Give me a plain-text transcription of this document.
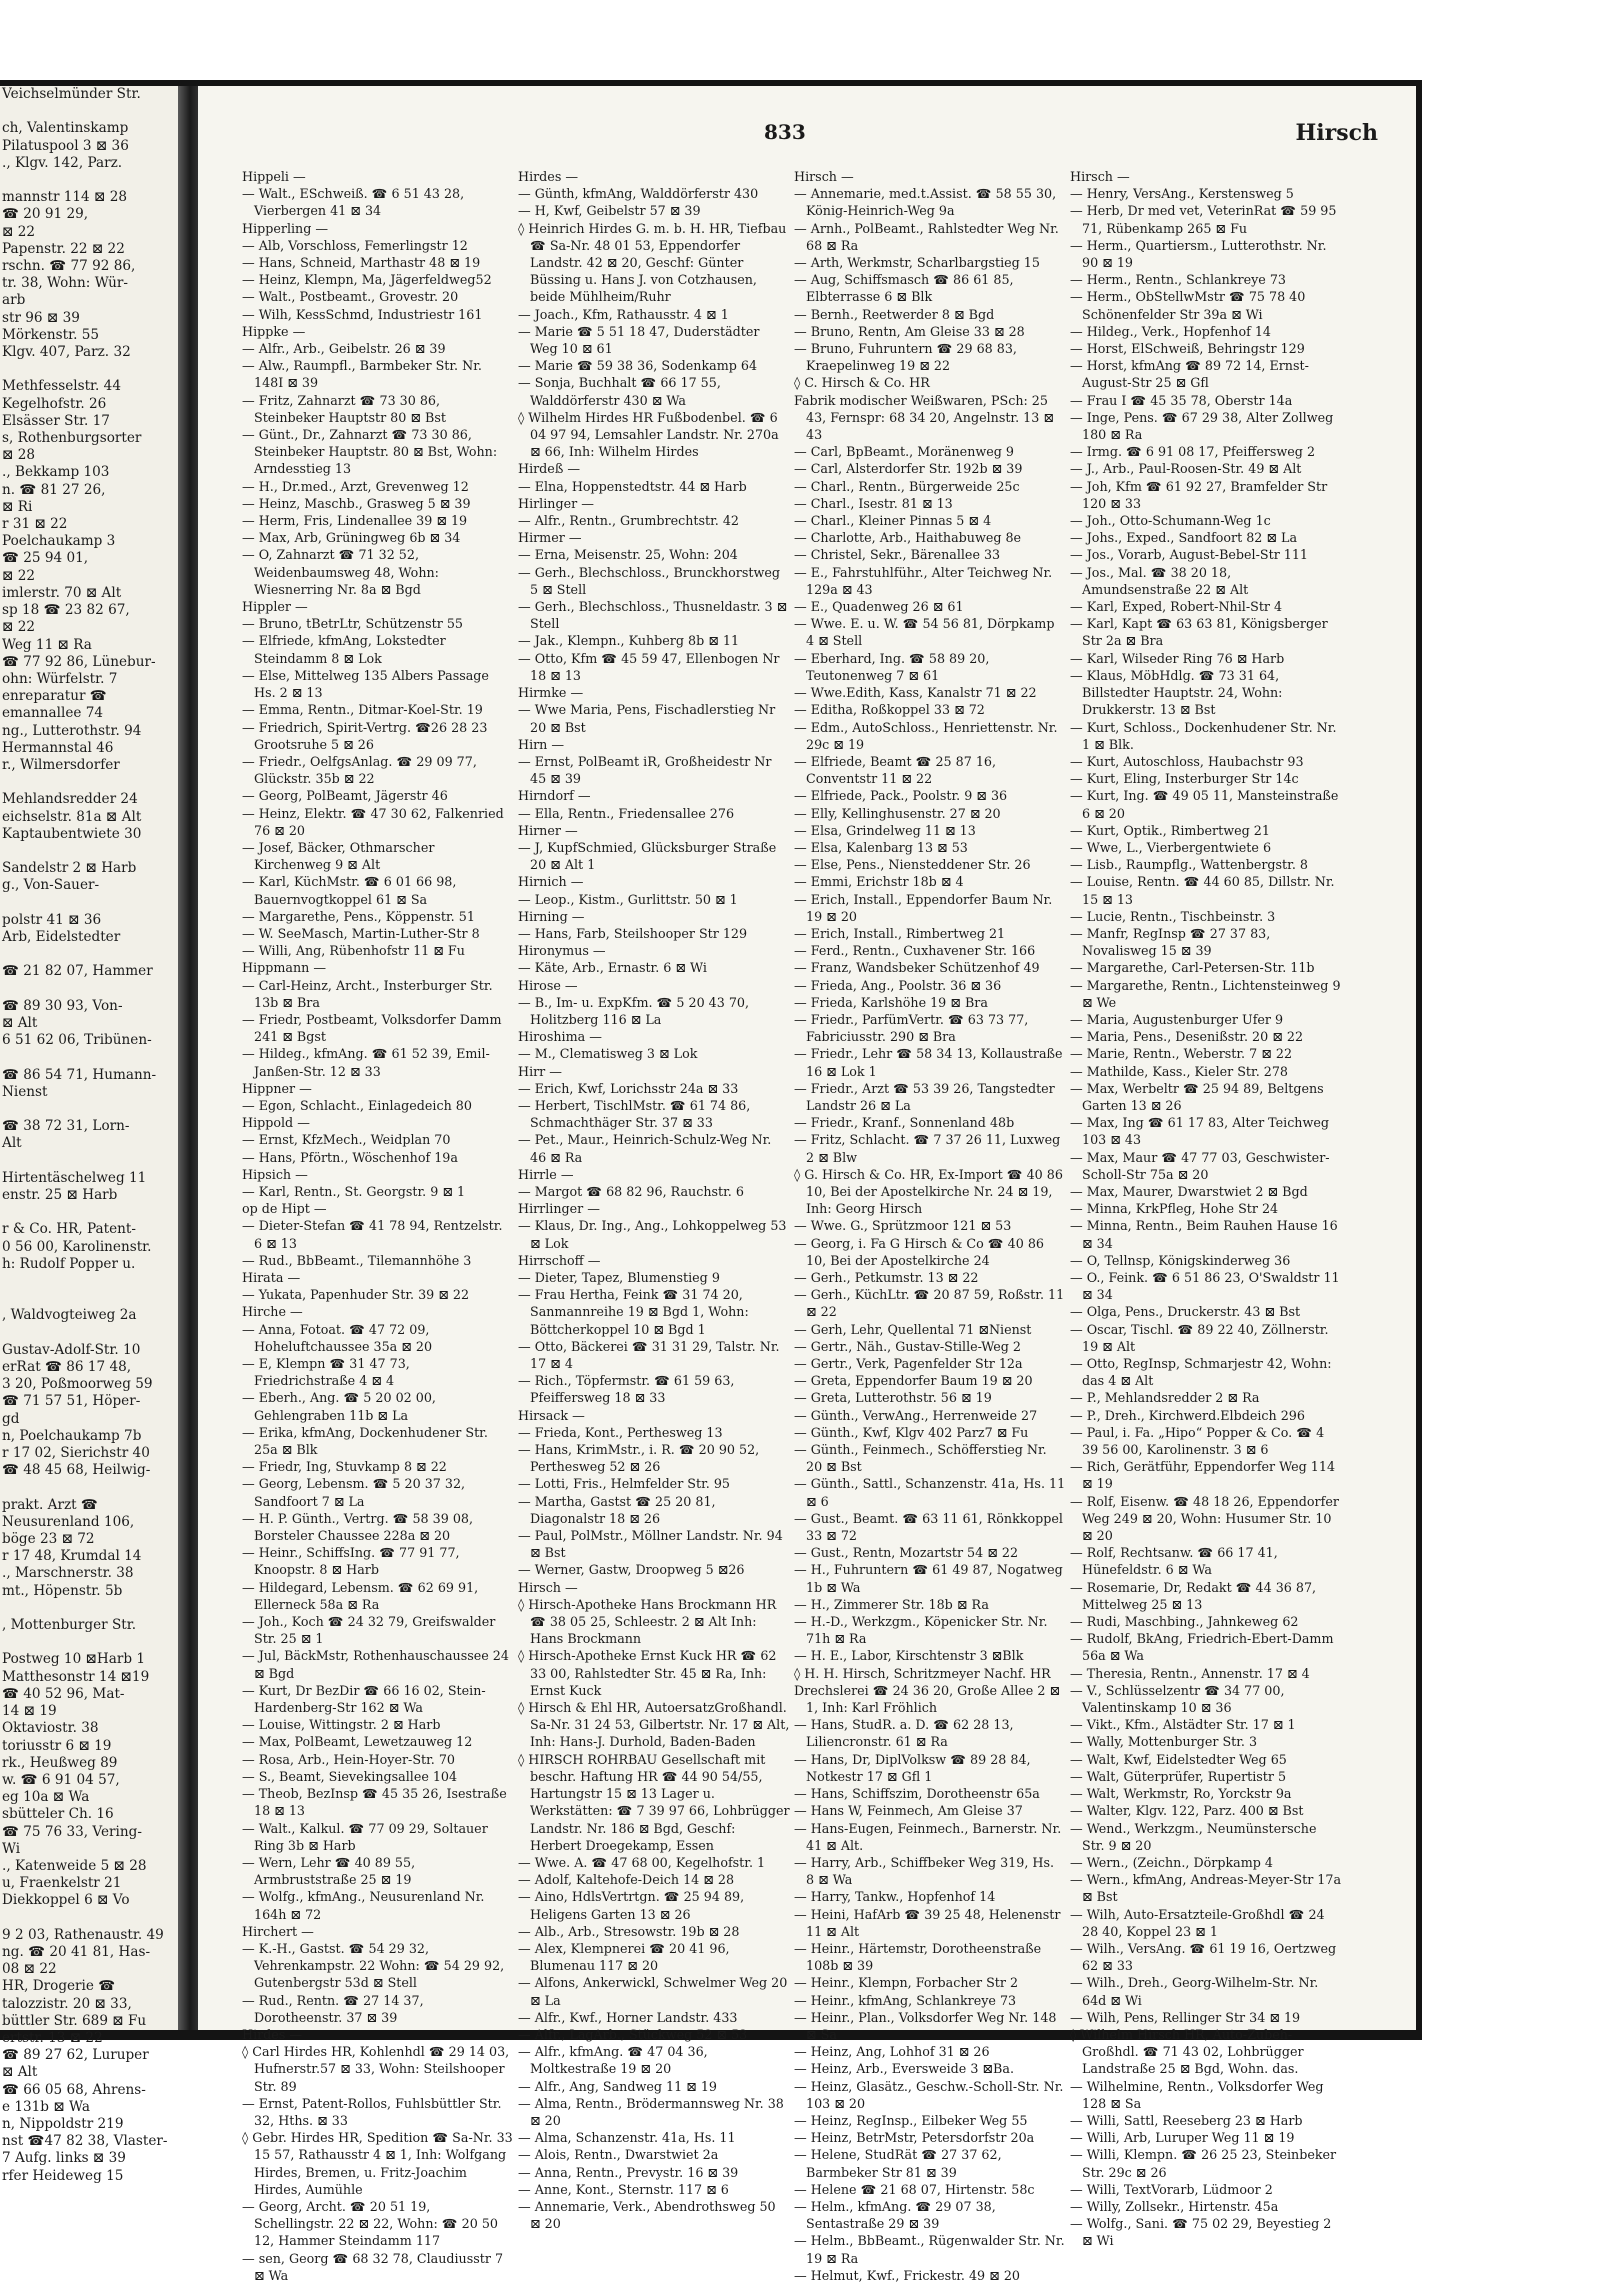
Veichselmünder Str.

ch, Valentinskamp
Pilatuspool 3 ⊠ 36
., Klgv. 142, Parz.

mannstr 114 ⊠ 28
☎ 20 91 29,
⊠ 22
Papenstr. 22 ⊠ 22
rschn. ☎ 77 92 86,
tr. 38, Wohn: Wür-
arb
str 96 ⊠ 39
Mörkenstr. 55
Klgv. 407, Parz. 32

Methfesselstr. 44
Kegelhofstr. 26
Elsässer Str. 17
s, Rothenburgsorter
⊠ 28
., Bekkamp 103
n. ☎ 81 27 26,
⊠ Ri
r 31 ⊠ 22
Poelchaukamp 3
☎ 25 94 01,
⊠ 22
imlerstr. 70 ⊠ Alt
sp 18 ☎ 23 82 67,
⊠ 22
Weg 11 ⊠ Ra
☎ 77 92 86, Lünebur-
ohn: Würfelstr. 7
enreparatur ☎
emannallee 74
ng., Lutterothstr. 94
Hermannstal 46
r., Wilmersdorfer

Mehlandsredder 24
eichselstr. 81a ⊠ Alt
Kaptaubentwiete 30

Sandelstr 2 ⊠ Harb
g., Von-Sauer-

polstr 41 ⊠ 36
Arb, Eidelstedter

☎ 21 82 07, Hammer

☎ 89 30 93, Von-
⊠ Alt
6 51 62 06, Tribünen-

☎ 86 54 71, Humann-
Nienst

☎ 38 72 31, Lorn-
Alt

Hirtentäschelweg 11
enstr. 25 ⊠ Harb

r & Co. HR, Patent-
0 56 00, Karolinenstr.
h: Rudolf Popper u.

, Waldvogteiweg 2a

Gustav-Adolf-Str. 10
erRat ☎ 86 17 48,
3 20, Poßmoorweg 59
☎ 71 57 51, Höper-
gd
n, Poelchaukamp 7b
r 17 02, Sierichstr 40
☎ 48 45 68, Heilwig-

prakt. Arzt ☎
Neusurenland 106,
böge 23 ⊠ 72
r 17 48, Krumdal 14
., Marschnerstr. 38
mt., Höpenstr. 5b

, Mottenburger Str.

Postweg 10 ⊠Harb 1
Matthesonstr 14 ⊠19
☎ 40 52 96, Mat-
14 ⊠ 19
Oktaviostr. 38
toriusstr 6 ⊠ 19
rk., Heußweg 89
w. ☎ 6 91 04 57,
eg 10a ⊠ Wa
sbütteler Ch. 16
☎ 75 76 33, Vering-
Wi
., Katenweide 5 ⊠ 28
u, Fraenkelstr 21
Diekkoppel 6 ⊠ Vo

9 2 03, Rathenaustr. 49
ng. ☎ 20 41 81, Has-
08 ⊠ 22
HR, Drogerie ☎
talozzistr. 20 ⊠ 33,
büttler Str. 689 ⊠ Fu
ertstr. 13 ⊠ 22
☎ 89 27 62, Luruper
⊠ Alt
☎ 66 05 68, Ahrens-
e 131b ⊠ Wa
n, Nippoldstr 219
nst ☎47 82 38, Vlaster-
7 Aufg. links ⊠ 39
rfer Heideweg 15
833	Hirsch
Hippeli —
— Walt., ESchweiß. ☎ 6 51 43 28, Vierbergen 41 ⊠ 34
Hipperling —
— Alb, Vorschloss, Femerlingstr 12
— Hans, Schneid, Marthastr 48 ⊠ 19
— Heinz, Klempn, Ma, Jägerfeldweg52
— Walt., Postbeamt., Grovestr. 20
— Wilh, KessSchmd, Industriestr 161
Hippke —
— Alfr., Arb., Geibelstr. 26 ⊠ 39
— Alw., Raumpfl., Barmbeker Str. Nr. 148I ⊠ 39
— Fritz, Zahnarzt ☎ 73 30 86, Steinbeker Hauptstr 80 ⊠ Bst
— Günt., Dr., Zahnarzt ☎ 73 30 86, Steinbeker Hauptstr. 80 ⊠ Bst, Wohn: Arndesstieg 13
— H., Dr.med., Arzt, Grevenweg 12
— Heinz, Maschb., Grasweg 5 ⊠ 39
— Herm, Fris, Lindenallee 39 ⊠ 19
— Max, Arb, Grüningweg 6b ⊠ 34
— O, Zahnarzt ☎ 71 32 52, Weidenbaumsweg 48, Wohn: Wiesnerring Nr. 8a ⊠ Bgd
Hippler —
— Bruno, tBetrLtr, Schützenstr 55
— Elfriede, kfmAng, Lokstedter Steindamm 8 ⊠ Lok
— Else, Mittelweg 135 Albers Passage Hs. 2 ⊠ 13
— Emma, Rentn., Ditmar-Koel-Str. 19
— Friedrich, Spirit-Vertrg. ☎26 28 23 Grootsruhe 5 ⊠ 26
— Friedr., OelfgsAnlag. ☎ 29 09 77, Glückstr. 35b ⊠ 22
— Georg, PolBeamt, Jägerstr 46
— Heinz, Elektr. ☎ 47 30 62, Falkenried 76 ⊠ 20
— Josef, Bäcker, Othmarscher Kirchenweg 9 ⊠ Alt
— Karl, KüchMstr. ☎ 6 01 66 98, Bauernvogtkoppel 61 ⊠ Sa
— Margarethe, Pens., Köppenstr. 51
— W. SeeMasch, Martin-Luther-Str 8
— Willi, Ang, Rübenhofstr 11 ⊠ Fu
Hippmann —
— Carl-Heinz, Archt., Insterburger Str. 13b ⊠ Bra
— Friedr, Postbeamt, Volksdorfer Damm 241 ⊠ Bgst
— Hildeg., kfmAng. ☎ 61 52 39, Emil-Janßen-Str. 12 ⊠ 33
Hippner —
— Egon, Schlacht., Einlagedeich 80
Hippold —
— Ernst, KfzMech., Weidplan 70
— Hans, Pförtn., Wöschenhof 19a
Hipsich —
— Karl, Rentn., St. Georgstr. 9 ⊠ 1
op de Hipt —
— Dieter-Stefan ☎ 41 78 94, Rentzelstr. 6 ⊠ 13
— Rud., BbBeamt., Tilemannhöhe 3
Hirata —
— Yukata, Papenhuder Str. 39 ⊠ 22
Hirche —
— Anna, Fotoat. ☎ 47 72 09, Hoheluftchaussee 35a ⊠ 20
— E, Klempn ☎ 31 47 73, Friedrichstraße 4 ⊠ 4
— Eberh., Ang. ☎ 5 20 02 00, Gehlengraben 11b ⊠ La
— Erika, kfmAng, Dockenhudener Str. 25a ⊠ Blk
— Friedr, Ing, Stuvkamp 8 ⊠ 22
— Georg, Lebensm. ☎ 5 20 37 32, Sandfoort 7 ⊠ La
— H. P. Günth., Vertrg. ☎ 58 39 08, Borsteler Chaussee 228a ⊠ 20
— Heinr., SchiffsIng. ☎ 77 91 77, Knoopstr. 8 ⊠ Harb
— Hildegard, Lebensm. ☎ 62 69 91, Ellerneck 58a ⊠ Ra
— Joh., Koch ☎ 24 32 79, Greifswalder Str. 25 ⊠ 1
— Jul, BäckMstr, Rothenhauschaussee 24 ⊠ Bgd
— Kurt, Dr BezDir ☎ 66 16 02, Stein-Hardenberg-Str 162 ⊠ Wa
— Louise, Wittingstr. 2 ⊠ Harb
— Max, PolBeamt, Lewetzauweg 12
— Rosa, Arb., Hein-Hoyer-Str. 70
— S., Beamt, Sievekingsallee 104
— Theob, BezInsp ☎ 45 35 26, Isestraße 18 ⊠ 13
— Walt., Kalkul. ☎ 77 09 29, Soltauer Ring 3b ⊠ Harb
— Wern, Lehr ☎ 40 89 55, Armbruststraße 25 ⊠ 19
— Wolfg., kfmAng., Neusurenland Nr. 164h ⊠ 72
Hirchert —
— K.-H., Gastst. ☎ 54 29 32, Vehrenkampstr. 22 Wohn: ☎ 54 29 92, Gutenbergstr 53d ⊠ Stell
— Rud., Rentn. ☎ 27 14 37, Dorotheenstr. 37 ⊠ 39
Hirdes —
◊ Carl Hirdes HR, Kohlenhdl ☎ 29 14 03, Hufnerstr.57 ⊠ 33, Wohn: Steilshooper Str. 89
— Ernst, Patent-Rollos, Fuhlsbüttler Str. 32, Hths. ⊠ 33
◊ Gebr. Hirdes HR, Spedition ☎ Sa-Nr. 33 15 57, Rathausstr 4 ⊠ 1, Inh: Wolfgang Hirdes, Bremen, u. Fritz-Joachim Hirdes, Aumühle
— Georg, Archt. ☎ 20 51 19, Schellingstr. 22 ⊠ 22, Wohn: ☎ 20 50 12, Hammer Steindamm 117
— sen, Georg ☎ 68 32 78, Claudiusstr 7 ⊠ Wa
Hirdes —
— Günth, kfmAng, Walddörferstr 430
— H, Kwf, Geibelstr 57 ⊠ 39
◊ Heinrich Hirdes G. m. b. H. HR, Tiefbau ☎ Sa-Nr. 48 01 53, Eppendorfer Landstr. 42 ⊠ 20, Geschf: Günter Büssing u. Hans J. von Cotzhausen, beide Mühlheim/Ruhr
— Joach., Kfm, Rathausstr. 4 ⊠ 1
— Marie ☎ 5 51 18 47, Duderstädter Weg 10 ⊠ 61
— Marie ☎ 59 38 36, Sodenkamp 64
— Sonja, Buchhalt ☎ 66 17 55, Walddörferstr 430 ⊠ Wa
◊ Wilhelm Hirdes HR Fußbodenbel. ☎ 6 04 97 94, Lemsahler Landstr. Nr. 270a ⊠ 66, Inh: Wilhelm Hirdes
Hirdeß —
— Elna, Hoppenstedtstr. 44 ⊠ Harb
Hirlinger —
— Alfr., Rentn., Grumbrechtstr. 42
Hirmer —
— Erna, Meisenstr. 25, Wohn: 204
— Gerh., Blechschloss., Brunckhorstweg 5 ⊠ Stell
— Gerh., Blechschloss., Thusneldastr. 3 ⊠ Stell
— Jak., Klempn., Kuhberg 8b ⊠ 11
— Otto, Kfm ☎ 45 59 47, Ellenbogen Nr 18 ⊠ 13
Hirmke —
— Wwe Maria, Pens, Fischadlerstieg Nr 20 ⊠ Bst
Hirn —
— Ernst, PolBeamt iR, Großheidestr Nr 45 ⊠ 39
Hirndorf —
— Ella, Rentn., Friedensallee 276
Hirner —
— J, KupfSchmied, Glücksburger Straße 20 ⊠ Alt 1
Hirnich —
— Leop., Kistm., Gurlittstr. 50 ⊠ 1
Hirning —
— Hans, Farb, Steilshooper Str 129
Hironymus —
— Käte, Arb., Ernastr. 6 ⊠ Wi
Hirose —
— B., Im- u. ExpKfm. ☎ 5 20 43 70, Holitzberg 116 ⊠ La
Hiroshima —
— M., Clematisweg 3 ⊠ Lok
Hirr —
— Erich, Kwf, Lorichsstr 24a ⊠ 33
— Herbert, TischlMstr. ☎ 61 74 86, Schmachthäger Str. 37 ⊠ 33
— Pet., Maur., Heinrich-Schulz-Weg Nr. 46 ⊠ Ra
Hirrle —
— Margot ☎ 68 82 96, Rauchstr. 6
Hirrlinger —
— Klaus, Dr. Ing., Ang., Lohkoppelweg 53 ⊠ Lok
Hirrschoff —
— Dieter, Tapez, Blumenstieg 9
— Frau Hertha, Feink ☎ 31 74 20, Sanmannreihe 19 ⊠ Bgd 1, Wohn: Böttcherkoppel 10 ⊠ Bgd 1
— Otto, Bäckerei ☎ 31 31 29, Talstr. Nr. 17 ⊠ 4
— Rich., Töpfermstr. ☎ 61 59 63, Pfeiffersweg 18 ⊠ 33
Hirsack —
— Frieda, Kont., Perthesweg 13
— Hans, KrimMstr., i. R. ☎ 20 90 52, Perthesweg 52 ⊠ 26
— Lotti, Fris., Helmfelder Str. 95
— Martha, Gastst ☎ 25 20 81, Diagonalstr 18 ⊠ 26
— Paul, PolMstr., Möllner Landstr. Nr. 94 ⊠ Bst
— Werner, Gastw, Droopweg 5 ⊠26
Hirsch —
◊ Hirsch-Apotheke Hans Brockmann HR ☎ 38 05 25, Schleestr. 2 ⊠ Alt Inh: Hans Brockmann
◊ Hirsch-Apotheke Ernst Kuck HR ☎ 62 33 00, Rahlstedter Str. 45 ⊠ Ra, Inh: Ernst Kuck
◊ Hirsch & Ehl HR, AutoersatzGroßhandl. Sa-Nr. 31 24 53, Gilbertstr. Nr. 17 ⊠ Alt, Inh: Hans-J. Durhold, Baden-Baden
◊ HIRSCH ROHRBAU Gesellschaft mit beschr. Haftung HR ☎ 44 90 54/55, Hartungstr 15 ⊠ 13 Lager u. Werkstätten: ☎ 7 39 97 66, Lohbrügger Landstr. Nr. 186 ⊠ Bgd, Geschf: Herbert Droegekamp, Essen
— Wwe. A. ☎ 47 68 00, Kegelhofstr. 1
— Adolf, Kaltehofe-Deich 14 ⊠ 28
— Aino, HdlsVertrtgn. ☎ 25 94 89, Heligens Garten 13 ⊠ 26
— Alb., Arb., Stresowstr. 19b ⊠ 28
— Alex, Klempnerei ☎ 20 41 96, Blumenau 117 ⊠ 20
— Alfons, Ankerwickl, Schwelmer Weg 20 ⊠ La
— Alfr., Kwf., Horner Landstr. 433
— Alfr., LagArb., Stückweg 52 ⊠ 53
— Alfr., kfmAng. ☎ 47 04 36, Moltkestraße 19 ⊠ 20
— Alfr., Ang, Sandweg 11 ⊠ 19
— Alma, Rentn., Brödermannsweg Nr. 38 ⊠ 20
— Alma, Schanzenstr. 41a, Hs. 11
— Alois, Rentn., Dwarstwiet 2a
— Anna, Rentn., Prevystr. 16 ⊠ 39
— Anne, Kont., Sternstr. 117 ⊠ 6
— Annemarie, Verk., Abendrothsweg 50 ⊠ 20
Hirsch —
— Annemarie, med.t.Assist. ☎ 58 55 30, König-Heinrich-Weg 9a
— Arnh., PolBeamt., Rahlstedter Weg Nr. 68 ⊠ Ra
— Arth, Werkmstr, Scharlbargstieg 15
— Aug, Schiffsmasch ☎ 86 61 85, Elbterrasse 6 ⊠ Blk
— Bernh., Reetwerder 8 ⊠ Bgd
— Bruno, Rentn, Am Gleise 33 ⊠ 28
— Bruno, Fuhruntern ☎ 29 68 83, Kraepelinweg 19 ⊠ 22
◊ C. Hirsch & Co. HR
Fabrik modischer Weißwaren, PSch: 25 43, Fernspr: 68 34 20, Angelnstr. 13 ⊠ 43
— Carl, BpBeamt., Moränenweg 9
— Carl, Alsterdorfer Str. 192b ⊠ 39
— Charl., Rentn., Bürgerweide 25c
— Charl., Isestr. 81 ⊠ 13
— Charl., Kleiner Pinnas 5 ⊠ 4
— Charlotte, Arb., Haithabuweg 8e
— Christel, Sekr., Bärenallee 33
— E., Fahrstuhlführ., Alter Teichweg Nr. 129a ⊠ 43
— E., Quadenweg 26 ⊠ 61
— Wwe. E. u. W. ☎ 54 56 81, Dörpkamp 4 ⊠ Stell
— Eberhard, Ing. ☎ 58 89 20, Teutonenweg 7 ⊠ 61
— Wwe.Edith, Kass, Kanalstr 71 ⊠ 22
— Editha, Roßkoppel 33 ⊠ 72
— Edm., AutoSchloss., Henriettenstr. Nr. 29c ⊠ 19
— Elfriede, Beamt ☎ 25 87 16, Conventstr 11 ⊠ 22
— Elfriede, Pack., Poolstr. 9 ⊠ 36
— Elly, Kellinghusenstr. 27 ⊠ 20
— Elsa, Grindelweg 11 ⊠ 13
— Elsa, Kalenbarg 13 ⊠ 53
— Else, Pens., Niensteddener Str. 26
— Emmi, Erichstr 18b ⊠ 4
— Erich, Install., Eppendorfer Baum Nr. 19 ⊠ 20
— Erich, Install., Rimbertweg 21
— Ferd., Rentn., Cuxhavener Str. 166
— Franz, Wandsbeker Schützenhof 49
— Frieda, Ang., Poolstr. 36 ⊠ 36
— Frieda, Karlshöhe 19 ⊠ Bra
— Friedr., ParfümVertr. ☎ 63 73 77, Fabriciusstr. 290 ⊠ Bra
— Friedr., Lehr ☎ 58 34 13, Kollaustraße 16 ⊠ Lok 1
— Friedr., Arzt ☎ 53 39 26, Tangstedter Landstr 26 ⊠ La
— Friedr., Kranf., Sonnenland 48b
— Fritz, Schlacht. ☎ 7 37 26 11, Luxweg 2 ⊠ Blw
◊ G. Hirsch & Co. HR, Ex-Import ☎ 40 86 10, Bei der Apostelkirche Nr. 24 ⊠ 19, Inh: Georg Hirsch
— Wwe. G., Sprützmoor 121 ⊠ 53
— Georg, i. Fa G Hirsch & Co ☎ 40 86 10, Bei der Apostelkirche 24
— Gerh., Petkumstr. 13 ⊠ 22
— Gerh., KüchLtr. ☎ 20 87 59, Roßstr. 11 ⊠ 22
— Gerh, Lehr, Quellental 71 ⊠Nienst
— Gertr., Näh., Gustav-Stille-Weg 2
— Gertr., Verk, Pagenfelder Str 12a
— Greta, Eppendorfer Baum 19 ⊠ 20
— Greta, Lutterothstr. 56 ⊠ 19
— Günth., VerwAng., Herrenweide 27
— Günth., Kwf, Klgv 402 Parz7 ⊠ Fu
— Günth., Feinmech., Schöfferstieg Nr. 20 ⊠ Bst
— Günth., Sattl., Schanzenstr. 41a, Hs. 11 ⊠ 6
— Gust., Beamt. ☎ 63 11 61, Rönkkoppel 33 ⊠ 72
— Gust., Rentn, Mozartstr 54 ⊠ 22
— H., Fuhruntern ☎ 61 49 87, Nogatweg 1b ⊠ Wa
— H., Zimmerer Str. 18b ⊠ Ra
— H.-D., Werkzgm., Köpenicker Str. Nr. 71h ⊠ Ra
— H. E., Labor, Kirschtenstr 3 ⊠Blk
◊ H. H. Hirsch, Schritzmeyer Nachf. HR
Drechslerei ☎ 24 36 20, Große Allee 2 ⊠ 1, Inh: Karl Fröhlich
— Hans, StudR. a. D. ☎ 62 28 13, Liliencronstr. 61 ⊠ Ra
— Hans, Dr, DiplVolksw ☎ 89 28 84, Notkestr 17 ⊠ Gfl 1
— Hans, Schiffszim, Dorotheenstr 65a
— Hans W, Feinmech, Am Gleise 37
— Hans-Eugen, Feinmech., Barnerstr. Nr. 41 ⊠ Alt.
— Harry, Arb., Schiffbeker Weg 319, Hs. 8 ⊠ Wa
— Harry, Tankw., Hopfenhof 14
— Heini, HafArb ☎ 39 25 48, Helenenstr 11 ⊠ Alt
— Heinr., Härtemstr, Dorotheenstraße 108b ⊠ 39
— Heinr., Klempn, Forbacher Str 2
— Heinr., kfmAng, Schlankreye 73
— Heinr., Plan., Volksdorfer Weg Nr. 148 ⊠ Sa
— Heinz, Ang, Lohhof 31 ⊠ 26
— Heinz, Arb., Eversweide 3 ⊠Ba.
— Heinz, Glasätz., Geschw.-Scholl-Str. Nr. 103 ⊠ 20
— Heinz, RegInsp., Eilbeker Weg 55
— Heinz, BetrMstr, Petersdorfstr 20a
— Helene, StudRät ☎ 27 37 62, Barmbeker Str 81 ⊠ 39
— Helene ☎ 21 68 07, Hirtenstr. 58c
— Helm., kfmAng. ☎ 29 07 38, Sentastraße 29 ⊠ 39
— Helm., BbBeamt., Rügenwalder Str. Nr. 19 ⊠ Ra
— Helmut, Kwf., Frickestr. 49 ⊠ 20
Hirsch —
— Henry, VersAng., Kerstensweg 5
— Herb, Dr med vet, VeterinRat ☎ 59 95 71, Rübenkamp 265 ⊠ Fu
— Herm., Quartiersm., Lutterothstr. Nr. 90 ⊠ 19
— Herm., Rentn., Schlankreye 73
— Herm., ObStellwMstr ☎ 75 78 40 Schönenfelder Str 39a ⊠ Wi
— Hildeg., Verk., Hopfenhof 14
— Horst, ElSchweiß, Behringstr 129
— Horst, kfmAng ☎ 89 72 14, Ernst-August-Str 25 ⊠ Gfl
— Frau I ☎ 45 35 78, Oberstr 14a
— Inge, Pens. ☎ 67 29 38, Alter Zollweg 180 ⊠ Ra
— Irmg. ☎ 6 91 08 17, Pfeiffersweg 2
— J., Arb., Paul-Roosen-Str. 49 ⊠ Alt
— Joh, Kfm ☎ 61 92 27, Bramfelder Str 120 ⊠ 33
— Joh., Otto-Schumann-Weg 1c
— Johs., Exped., Sandfoort 82 ⊠ La
— Jos., Vorarb, August-Bebel-Str 111
— Jos., Mal. ☎ 38 20 18, Amundsenstraße 22 ⊠ Alt
— Karl, Exped, Robert-Nhil-Str 4
— Karl, Kapt ☎ 63 63 81, Königsberger Str 2a ⊠ Bra
— Karl, Wilseder Ring 76 ⊠ Harb
— Klaus, MöbHdlg. ☎ 73 31 64, Billstedter Hauptstr. 24, Wohn: Drukkerstr. 13 ⊠ Bst
— Kurt, Schloss., Dockenhudener Str. Nr. 1 ⊠ Blk.
— Kurt, Autoschloss, Haubachstr 93
— Kurt, Eling, Insterburger Str 14c
— Kurt, Ing. ☎ 49 05 11, Mansteinstraße 6 ⊠ 20
— Kurt, Optik., Rimbertweg 21
— Wwe, L., Vierbergentwiete 6
— Lisb., Raumpflg., Wattenbergstr. 8
— Louise, Rentn. ☎ 44 60 85, Dillstr. Nr. 15 ⊠ 13
— Lucie, Rentn., Tischbeinstr. 3
— Manfr, RegInsp ☎ 27 37 83, Novalisweg 15 ⊠ 39
— Margarethe, Carl-Petersen-Str. 11b
— Margarethe, Rentn., Lichtensteinweg 9 ⊠ We
— Maria, Augustenburger Ufer 9
— Maria, Pens., Desenißstr. 20 ⊠ 22
— Marie, Rentn., Weberstr. 7 ⊠ 22
— Mathilde, Kass., Kieler Str. 278
— Max, Werbeltr ☎ 25 94 89, Beltgens Garten 13 ⊠ 26
— Max, Ing ☎ 61 17 83, Alter Teichweg 103 ⊠ 43
— Max, Maur ☎ 47 77 03, Geschwister-Scholl-Str 75a ⊠ 20
— Max, Maurer, Dwarstwiet 2 ⊠ Bgd
— Minna, KrkPfleg, Hohe Str 24
— Minna, Rentn., Beim Rauhen Hause 16 ⊠ 34
— O, Tellnsp, Königskinderweg 36
— O., Feink. ☎ 6 51 86 23, O'Swaldstr 11 ⊠ 34
— Olga, Pens., Druckerstr. 43 ⊠ Bst
— Oscar, Tischl. ☎ 89 22 40, Zöllnerstr. 19 ⊠ Alt
— Otto, RegInsp, Schmarjestr 42, Wohn: das 4 ⊠ Alt
— P., Mehlandsredder 2 ⊠ Ra
— P., Dreh., Kirchwerd.Elbdeich 296
— Paul, i. Fa. „Hipo“ Popper & Co. ☎ 4 39 56 00, Karolinenstr. 3 ⊠ 6
— Rich, Gerätführ, Eppendorfer Weg 114 ⊠ 19
— Rolf, Eisenw. ☎ 48 18 26, Eppendorfer Weg 249 ⊠ 20, Wohn: Husumer Str. 10 ⊠ 20
— Rolf, Rechtsanw. ☎ 66 17 41, Hünefeldstr. 6 ⊠ Wa
— Rosemarie, Dr, Redakt ☎ 44 36 87, Mittelweg 25 ⊠ 13
— Rudi, Maschbing., Jahnkeweg 62
— Rudolf, BkAng, Friedrich-Ebert-Damm 56a ⊠ Wa
— Theresia, Rentn., Annenstr. 17 ⊠ 4
— V., Schlüsselzentr ☎ 34 77 00, Valentinskamp 10 ⊠ 36
— Vikt., Kfm., Alstädter Str. 17 ⊠ 1
— Wally, Mottenburger Str. 3
— Walt, Kwf, Eidelstedter Weg 65
— Walt, Güterprüfer, Rupertistr 5
— Walt, Werkmstr, Ro, Yorckstr 9a
— Walter, Klgv. 122, Parz. 400 ⊠ Bst
— Wend., Werkzgm., Neumünstersche Str. 9 ⊠ 20
— Wern., (Zeichn., Dörpkamp 4
— Wern., kfmAng, Andreas-Meyer-Str 17a ⊠ Bst
— Wilh, Auto-Ersatzteile-Großhdl ☎ 24 28 40, Koppel 23 ⊠ 1
— Wilh., VersAng. ☎ 61 19 16, Oertzweg 62 ⊠ 33
— Wilh., Dreh., Georg-Wilhelm-Str. Nr. 64d ⊠ Wi
— Wilh, Pens, Rellinger Str 34 ⊠ 19
◊ Wilhelm Hirsch HR, Auto-Zubeh-Großhdl. ☎ 71 43 02, Lohbrügger Landstraße 25 ⊠ Bgd, Wohn. das.
— Wilhelmine, Rentn., Volksdorfer Weg 128 ⊠ Sa
— Willi, Sattl, Reeseberg 23 ⊠ Harb
— Willi, Arb, Luruper Weg 11 ⊠ 19
— Willi, Klempn. ☎ 26 25 23, Steinbeker Str. 29c ⊠ 26
— Willi, TextVorarb, Lüdmoor 2
— Willy, Zollsekr., Hirtenstr. 45a
— Wolfg., Sani. ☎ 75 02 29, Beyestieg 2 ⊠ Wi
